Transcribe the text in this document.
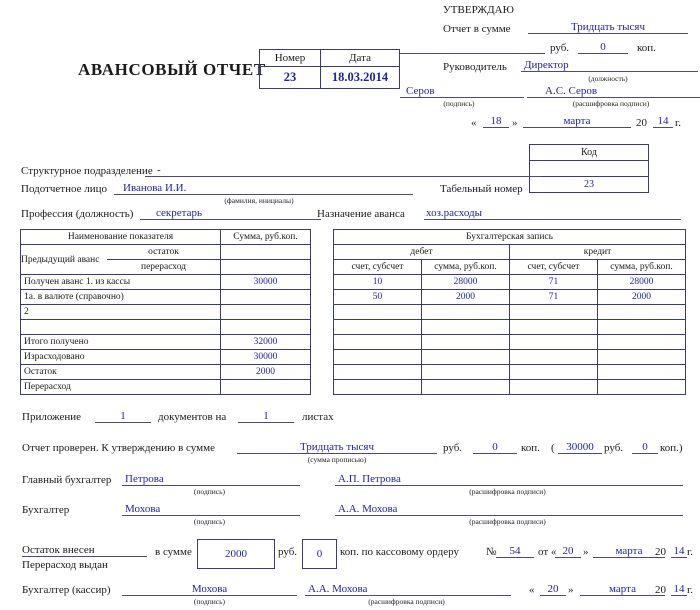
АВАНСОВЫЙ ОТЧЕТ
Номер	Дата
23	18.03.2014
УТВЕРЖДАЮ
Отчет в сумме	Тридцать тысяч
руб.	0	коп.
Руководитель Директор
(должность)
Серов
(подпись)
А.С. Серов
(расшифровка подписи)
«	18 »	марта	20 14 г.
Код

23
Структурное подразделение -
Подотчетное лицо	Иванова И.И.
(фамилия, инициалы)
Табельный номер
Профессия (должность)	секретарь	Назначение аванса хоз.расходы
Наименование показателя	Сумма, руб.коп.		Бухгалтерская запись			

Предыдущий аванс
остаток
перерасход			дебет		кредит	
			счет, субсчет	сумма, руб.коп.	счет, субсчет	сумма, руб.коп.
Получен аванс 1. из кассы	30000		10	28000	71	28000
1а. в валюте (справочно)			50	2000	71	2000
2						

Итого получено	32000					
Израсходовано	30000					
Остаток	2000					
Перерасход						
Приложение	1	документов на	1	листах
Отчет проверен. К утверждению в сумме	Тридцать тысяч
(сумма прописью)
руб.	0	коп. (	30000 руб.	0	коп.)
Главный бухгалтер Петрова
(подпись)
А.П. Петрова
(расшифровка подписи)
Бухгалтер	Мохова
(подпись)
А.А. Мохова
(расшифровка подписи)
Остаток внесен
Перерасход выдан
в сумме	2000	руб.	0	коп. по кассовому ордеру №	54	от « 20 »	марта	20 14 г.
Бухгалтер (кассир)	Мохова
(подпись)
А.А. Мохова
(расшифровка подписи)
«	20 »	марта	20 14 г.
